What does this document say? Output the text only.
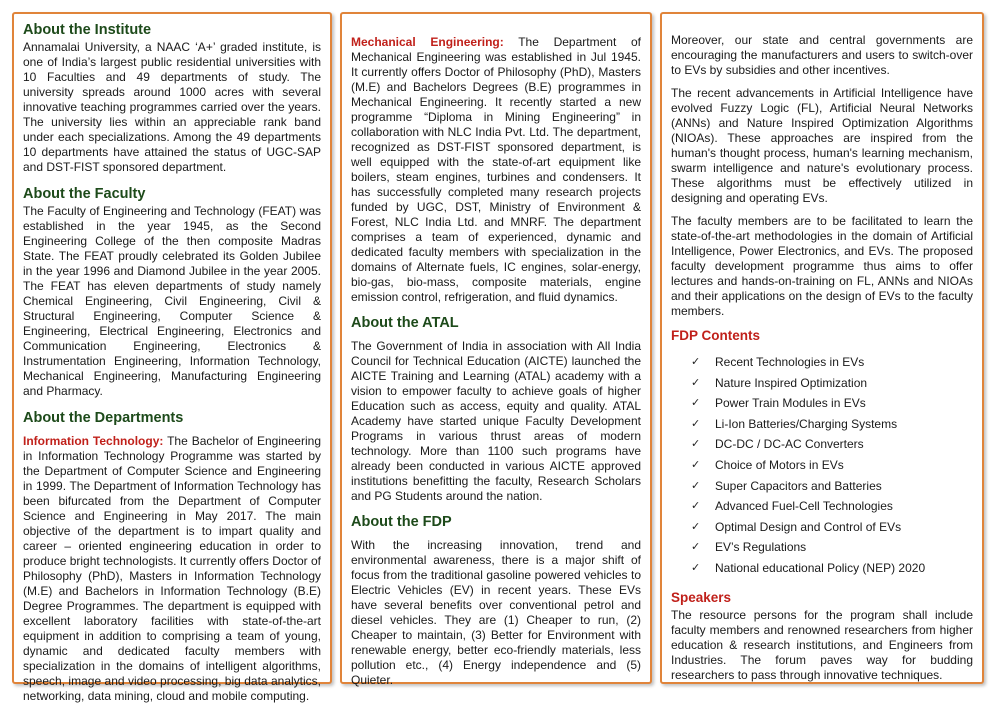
About the Institute

Annamalai University, a NAAC ‘A+’ graded institute, is one of India’s largest public residential universities with 10 Faculties and 49 departments of study. The university spreads around 1000 acres with several innovative teaching programmes carried over the years. The university lies within an appreciable rank band under each specializations. Among the 49 departments 10 departments have attained the status of UGC-SAP and DST-FIST sponsored department.

About the Faculty

The Faculty of Engineering and Technology (FEAT) was established in the year 1945, as the Second Engineering College of the then composite Madras State. The FEAT proudly celebrated its Golden Jubilee in the year 1996 and Diamond Jubilee in the year 2005. The FEAT has eleven departments of study namely Chemical Engineering, Civil Engineering, Civil & Structural Engineering, Computer Science & Engineering, Electrical Engineering, Electronics and Communication Engineering, Electronics & Instrumentation Engineering, Information Technology, Mechanical Engineering, Manufacturing Engineering and Pharmacy.

About the Departments

Information Technology: The Bachelor of Engineering in Information Technology Programme was started by the Department of Computer Science and Engineering in 1999. The Department of Information Technology has been bifurcated from the Department of Computer Science and Engineering in May 2017. The main objective of the department is to impart quality and career – oriented engineering education in order to produce bright technologists. It currently offers Doctor of Philosophy (PhD), Masters in Information Technology (M.E) and Bachelors in Information Technology (B.E) Degree Programmes. The department is equipped with excellent laboratory facilities with state-of-the-art equipment in addition to comprising a team of young, dynamic and dedicated faculty members with specialization in the domains of intelligent algorithms, speech, image and video processing, big data analytics, networking, data mining, cloud and mobile computing.

Mechanical Engineering: The Department of Mechanical Engineering was established in Jul 1945. It currently offers Doctor of Philosophy (PhD), Masters (M.E) and Bachelors Degrees (B.E) programmes in Mechanical Engineering. It recently started a new programme “Diploma in Mining Engineering” in collaboration with NLC India Pvt. Ltd. The department, recognized as DST-FIST sponsored department, is well equipped with the state-of-art equipment like boilers, steam engines, turbines and condensers. It has successfully completed many research projects funded by UGC, DST, Ministry of Environment & Forest, NLC India Ltd. and MNRF. The department comprises a team of experienced, dynamic and dedicated faculty members with specialization in the domains of Alternate fuels, IC engines, solar-energy, bio-gas, bio-mass, composite materials, engine emission control, refrigeration, and fluid dynamics.

About the ATAL

The Government of India in association with All India Council for Technical Education (AICTE) launched the AICTE Training and Learning (ATAL) academy with a vision to empower faculty to achieve goals of higher Education such as access, equity and quality. ATAL Academy have started unique Faculty Development Programs in various thrust areas of modern technology. More than 1100 such programs have already been conducted in various AICTE approved institutions benefitting the faculty, Research Scholars and PG Students around the nation.

About the FDP

With the increasing innovation, trend and environmental awareness, there is a major shift of focus from the traditional gasoline powered vehicles to Electric Vehicles (EV) in recent years. These EVs have several benefits over conventional petrol and diesel vehicles. They are (1) Cheaper to run, (2) Cheaper to maintain, (3) Better for Environment with renewable energy, better eco-friendly materials, less pollution etc., (4) Energy independence and (5) Quieter.

Moreover, our state and central governments are encouraging the manufacturers and users to switch-over to EVs by subsidies and other incentives.

The recent advancements in Artificial Intelligence have evolved Fuzzy Logic (FL), Artificial Neural Networks (ANNs) and Nature Inspired Optimization Algorithms (NIOAs). These approaches are inspired from the human's thought process, human's learning mechanism, swarm intelligence and nature's evolutionary process. These algorithms must be effectively utilized in designing and operating EVs.

The faculty members are to be facilitated to learn the state-of-the-art methodologies in the domain of Artificial Intelligence, Power Electronics, and EVs. The proposed faculty development programme thus aims to offer lectures and hands-on-training on FL, ANNs and NIOAs and their applications on the design of EVs to the faculty members.

FDP Contents
✓	Recent Technologies in EVs
✓	Nature Inspired Optimization
✓	Power Train Modules in EVs
✓	Li-Ion Batteries/Charging Systems
✓	DC-DC / DC-AC Converters
✓	Choice of Motors in EVs
✓	Super Capacitors and Batteries
✓	Advanced Fuel-Cell Technologies
✓	Optimal Design and Control of EVs
✓	EV’s Regulations
✓	National educational Policy (NEP) 2020
Speakers

The resource persons for the program shall include faculty members and renowned researchers from higher education & research institutions, and Engineers from Industries. The forum paves way for budding researchers to pass through innovative techniques.
